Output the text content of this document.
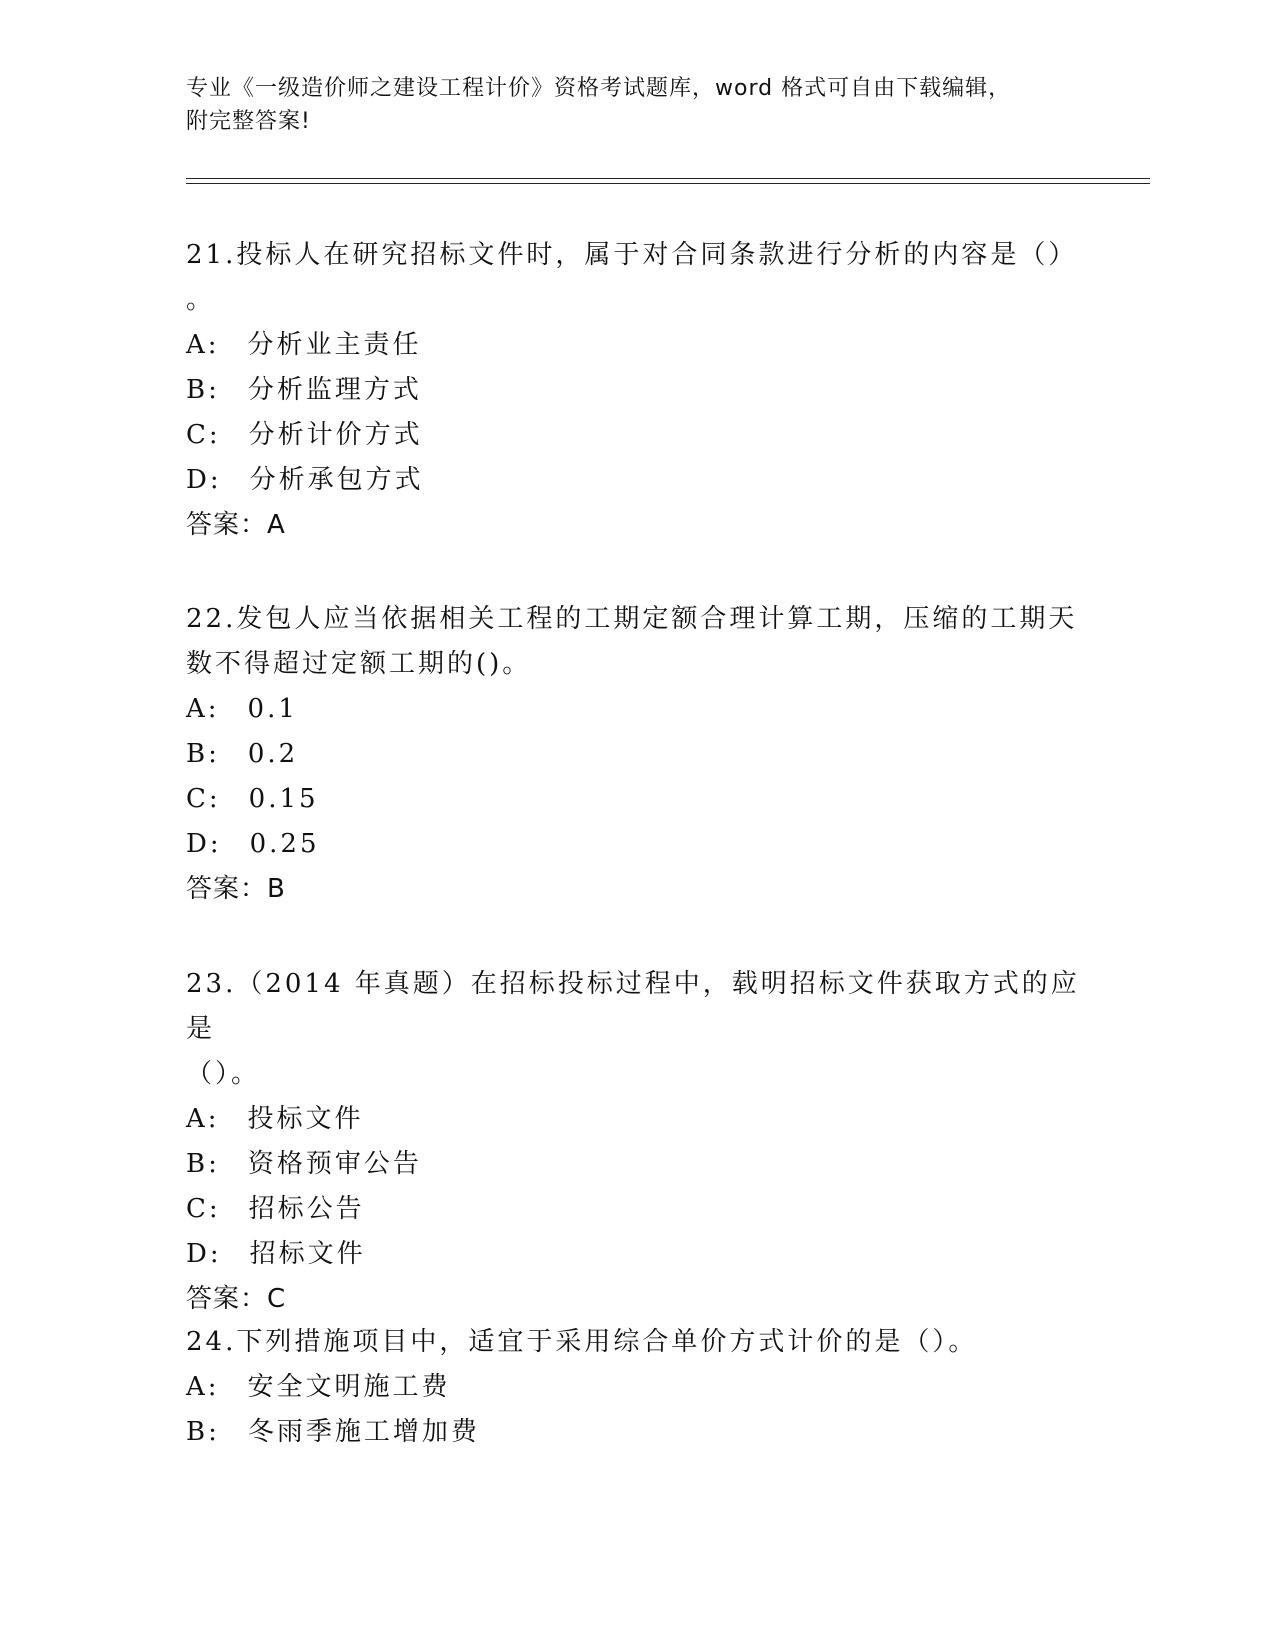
专业《一级造价师之建设工程计价》资格考试题库，word 格式可自由下载编辑，
附完整答案!

21.投标人在研究招标文件时，属于对合同条款进行分析的内容是（）

。

A: 分析业主责任

B: 分析监理方式

C: 分析计价方式

D: 分析承包方式

答案：A

22.发包人应当依据相关工程的工期定额合理计算工期，压缩的工期天

数不得超过定额工期的()。

A: 0.1

B: 0.2

C: 0.15

D: 0.25

答案：B

23.（2014 年真题）在招标投标过程中，载明招标文件获取方式的应是

（）。

A: 投标文件

B: 资格预审公告

C: 招标公告

D: 招标文件

答案：C

24.下列措施项目中，适宜于采用综合单价方式计价的是（）。

A: 安全文明施工费

B: 冬雨季施工增加费
